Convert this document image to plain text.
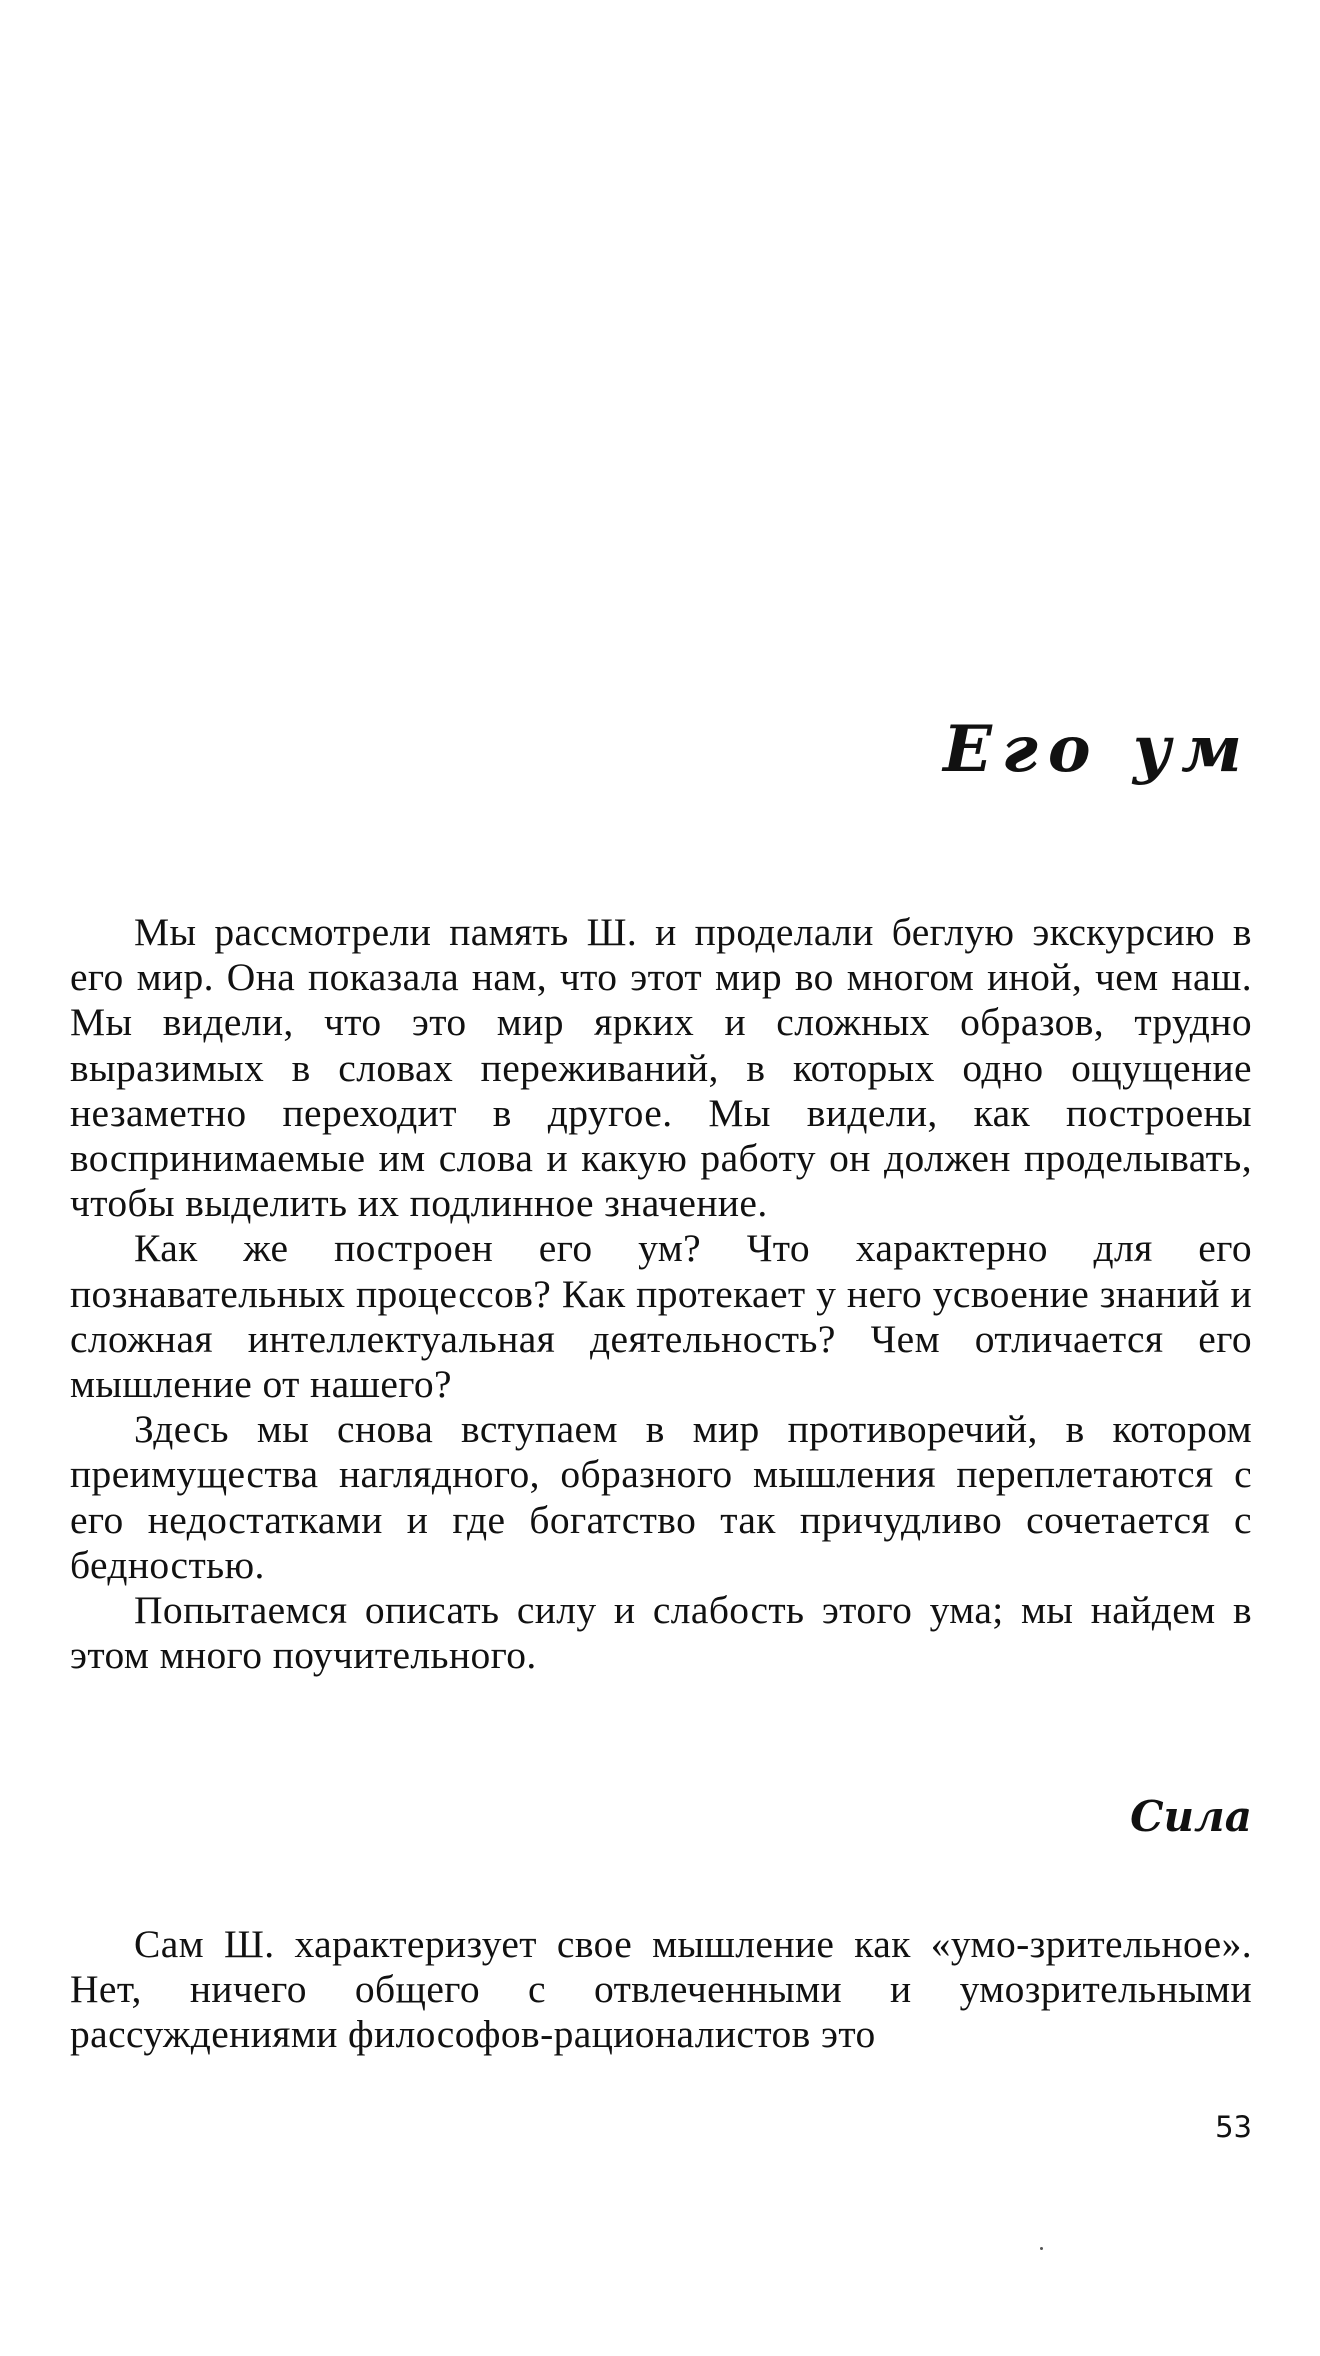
Его ум

Мы рассмотрели память Ш. и проделали беглую экскурсию в его мир. Она показала нам, что этот мир во многом иной, чем наш. Мы видели, что это мир ярких и сложных образов, трудно выразимых в словах переживаний, в которых одно ощущение незаметно переходит в другое. Мы видели, как построены воспринимаемые им слова и какую работу он должен проделывать, чтобы выделить их подлинное значение.

Как же построен его ум? Что характерно для его познавательных процессов? Как протекает у него усвоение знаний и сложная интеллектуальная деятельность? Чем отличается его мышление от нашего?

Здесь мы снова вступаем в мир противоречий, в котором преимущества наглядного, образного мышления переплетаются с его недостатками и где богатство так причудливо сочетается с бедностью.

Попытаемся описать силу и слабость этого ума; мы найдем в этом много поучительного.

Сила

Сам Ш. характеризует свое мышление как «умо-зрительное». Нет, ничего общего с отвлеченными и умозрительными рассуждениями философов-рационалистов это

53
